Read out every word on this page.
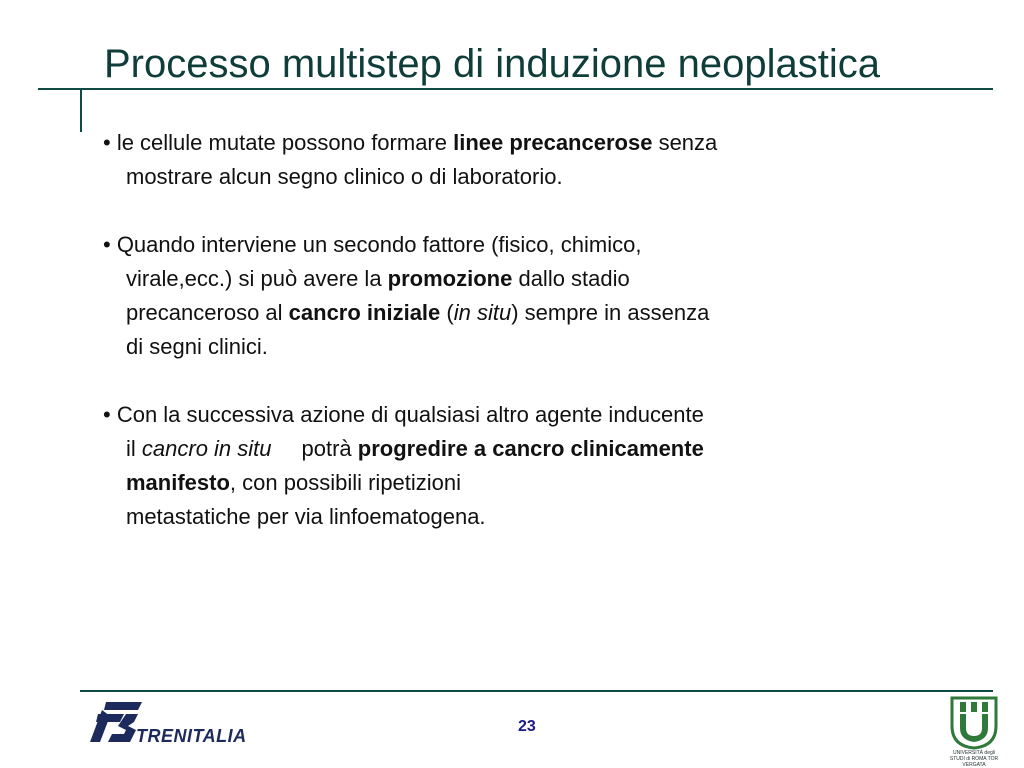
Processo multistep di induzione neoplastica
• le cellule mutate possono formare linee precancerose senza
mostrare alcun segno clinico o di laboratorio.
• Quando interviene un secondo fattore (fisico, chimico,
virale,ecc.) si può avere la promozione dallo stadio
precanceroso al cancro iniziale (in situ) sempre in assenza
di segni clinici.
• Con la successiva azione di qualsiasi altro agente inducente
il cancro in situ potrà progredire a cancro clinicamente
manifesto, con possibili ripetizioni
metastatiche per via linfoematogena.
TRENITALIA	23
UNIVERSITÀ degli STUDI di ROMA TOR VERGATA
